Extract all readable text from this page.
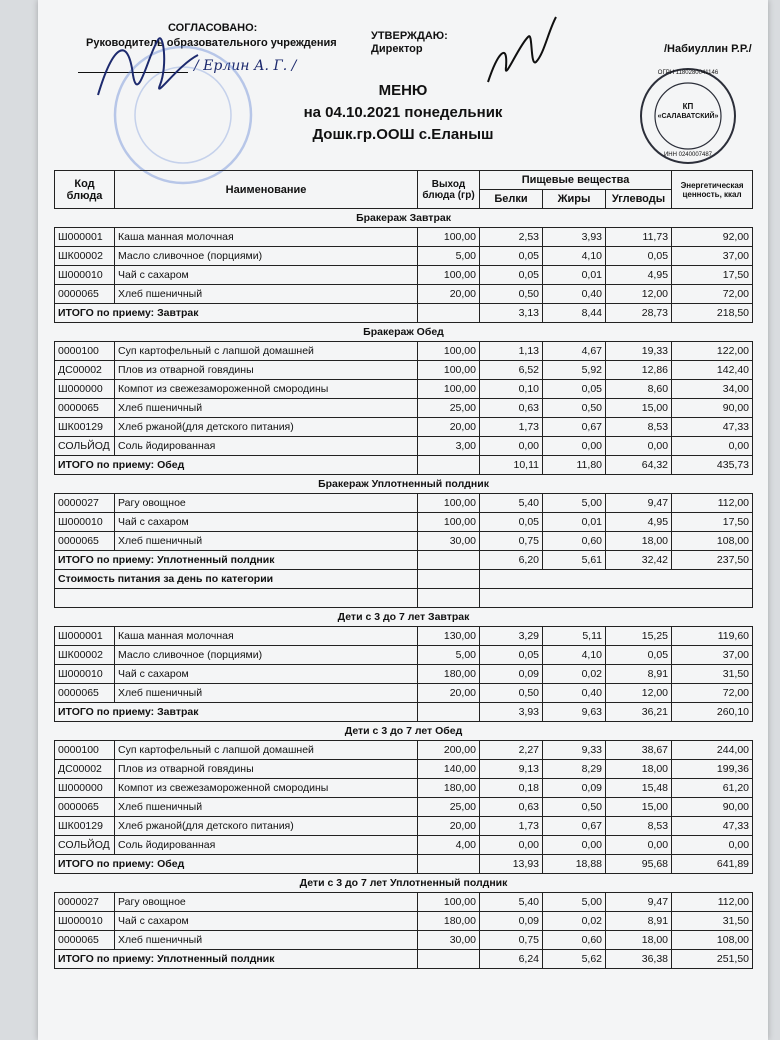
СОГЛАСОВАНО:
Руководитель образовательного учреждения
УТВЕРЖДАЮ:
Директор	/Набиуллин Р.Р./
/ Ерлин А. Г. /
МЕНЮ
на 04.10.2021 понедельник
Дошк.гр.ООШ с.Еланыш
ОГРН 1180280041146
КП
«САЛАВАТСКИЙ»
ИНН 0240007487
Код блюда	Наименование	Выход блюда (гр)	Пищевые вещества			Энергетическая ценность, ккал
			Белки	Жиры	Углеводы	
Бракераж Завтрак						
Ш000001	Каша манная молочная	100,00	2,53	3,93	11,73	92,00
ШК00002	Масло сливочное (порциями)	5,00	0,05	4,10	0,05	37,00
Ш000010	Чай с сахаром	100,00	0,05	0,01	4,95	17,50
0000065	Хлеб пшеничный	20,00	0,50	0,40	12,00	72,00
ИТОГО по приему: Завтрак			3,13	8,44	28,73	218,50
Бракераж Обед						
0000100	Суп картофельный с лапшой домашней	100,00	1,13	4,67	19,33	122,00
ДС00002	Плов из отварной говядины	100,00	6,52	5,92	12,86	142,40
Ш000000	Компот из свежезамороженной смородины	100,00	0,10	0,05	8,60	34,00
0000065	Хлеб пшеничный	25,00	0,63	0,50	15,00	90,00
ШК00129	Хлеб ржаной(для детского питания)	20,00	1,73	0,67	8,53	47,33
СОЛЬЙОД	Соль йодированная	3,00	0,00	0,00	0,00	0,00
ИТОГО по приему: Обед			10,11	11,80	64,32	435,73
Бракераж Уплотненный полдник						
0000027	Рагу овощное	100,00	5,40	5,00	9,47	112,00
Ш000010	Чай с сахаром	100,00	0,05	0,01	4,95	17,50
0000065	Хлеб пшеничный	30,00	0,75	0,60	18,00	108,00
ИТОГО по приему: Уплотненный полдник			6,20	5,61	32,42	237,50
Стоимость питания за день по категории						

Дети с 3 до 7 лет Завтрак						
Ш000001	Каша манная молочная	130,00	3,29	5,11	15,25	119,60
ШК00002	Масло сливочное (порциями)	5,00	0,05	4,10	0,05	37,00
Ш000010	Чай с сахаром	180,00	0,09	0,02	8,91	31,50
0000065	Хлеб пшеничный	20,00	0,50	0,40	12,00	72,00
ИТОГО по приему: Завтрак			3,93	9,63	36,21	260,10
Дети с 3 до 7 лет Обед						
0000100	Суп картофельный с лапшой домашней	200,00	2,27	9,33	38,67	244,00
ДС00002	Плов из отварной говядины	140,00	9,13	8,29	18,00	199,36
Ш000000	Компот из свежезамороженной смородины	180,00	0,18	0,09	15,48	61,20
0000065	Хлеб пшеничный	25,00	0,63	0,50	15,00	90,00
ШК00129	Хлеб ржаной(для детского питания)	20,00	1,73	0,67	8,53	47,33
СОЛЬЙОД	Соль йодированная	4,00	0,00	0,00	0,00	0,00
ИТОГО по приему: Обед			13,93	18,88	95,68	641,89
Дети с 3 до 7 лет Уплотненный полдник						
0000027	Рагу овощное	100,00	5,40	5,00	9,47	112,00
Ш000010	Чай с сахаром	180,00	0,09	0,02	8,91	31,50
0000065	Хлеб пшеничный	30,00	0,75	0,60	18,00	108,00
ИТОГО по приему: Уплотненный полдник			6,24	5,62	36,38	251,50
